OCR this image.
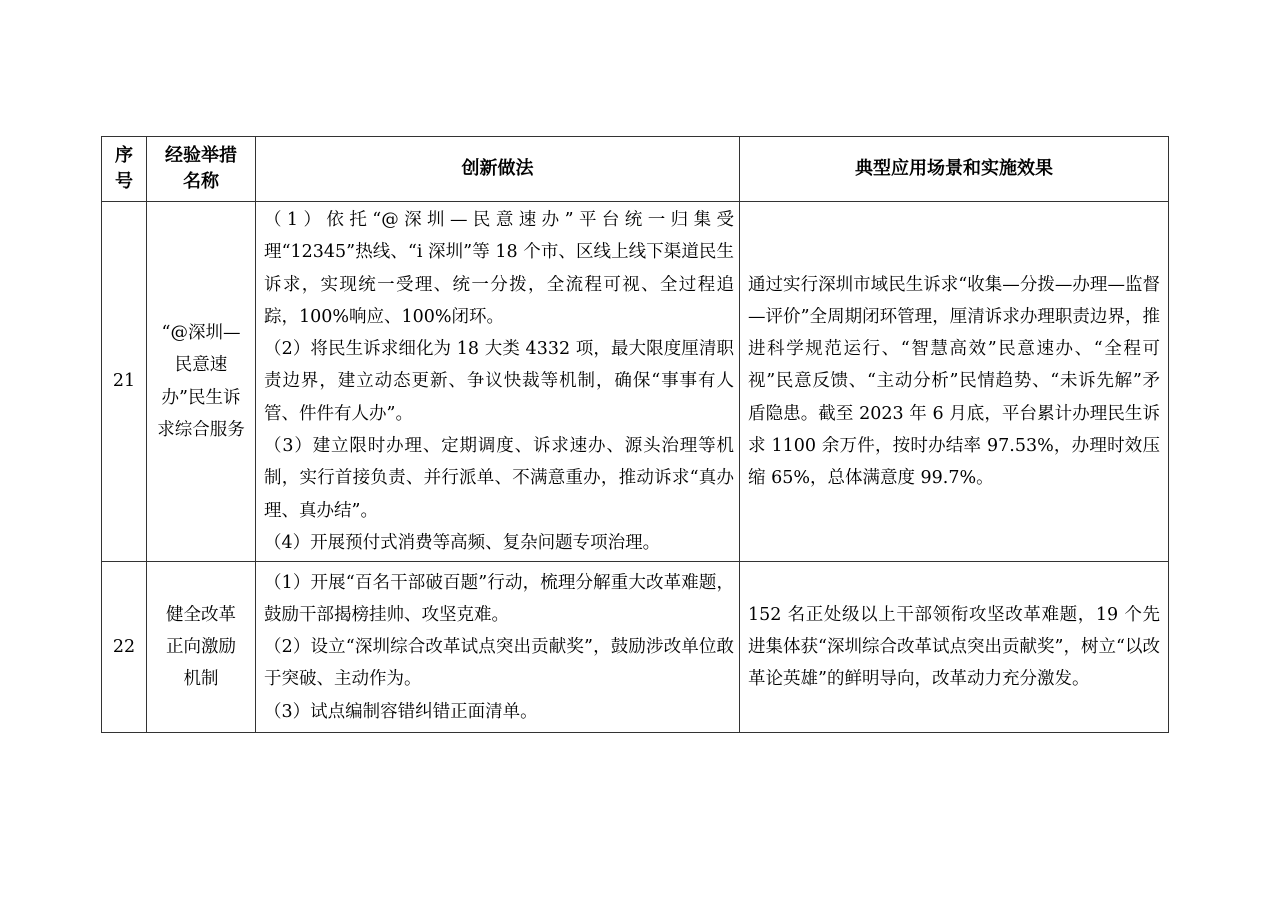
序号	经验举措名称	创新做法	典型应用场景和实施效果
21	“@深圳—民意速办”民生诉求综合服务	（1）依托“@深圳—民意速办”平台统一归集受理“12345”热线、“i 深圳”等 18 个市、区线上线下渠道民生诉求，实现统一受理、统一分拨，全流程可视、全过程追踪，100%响应、100%闭环。
（2）将民生诉求细化为 18 大类 4332 项，最大限度厘清职责边界，建立动态更新、争议快裁等机制，确保“事事有人管、件件有人办”。
（3）建立限时办理、定期调度、诉求速办、源头治理等机制，实行首接负责、并行派单、不满意重办，推动诉求“真办理、真办结”。
（4）开展预付式消费等高频、复杂问题专项治理。	通过实行深圳市域民生诉求“收集—分拨—办理—监督—评价”全周期闭环管理，厘清诉求办理职责边界，推进科学规范运行、“智慧高效”民意速办、“全程可视”民意反馈、“主动分析”民情趋势、“未诉先解”矛盾隐患。截至 2023 年 6 月底，平台累计办理民生诉求 1100 余万件，按时办结率 97.53%，办理时效压缩 65%，总体满意度 99.7%。
22	健全改革正向激励机制	（1）开展“百名干部破百题”行动，梳理分解重大改革难题，鼓励干部揭榜挂帅、攻坚克难。
（2）设立“深圳综合改革试点突出贡献奖”，鼓励涉改单位敢于突破、主动作为。
（3）试点编制容错纠错正面清单。	152 名正处级以上干部领衔攻坚改革难题，19 个先进集体获“深圳综合改革试点突出贡献奖”，树立“以改革论英雄”的鲜明导向，改革动力充分激发。
